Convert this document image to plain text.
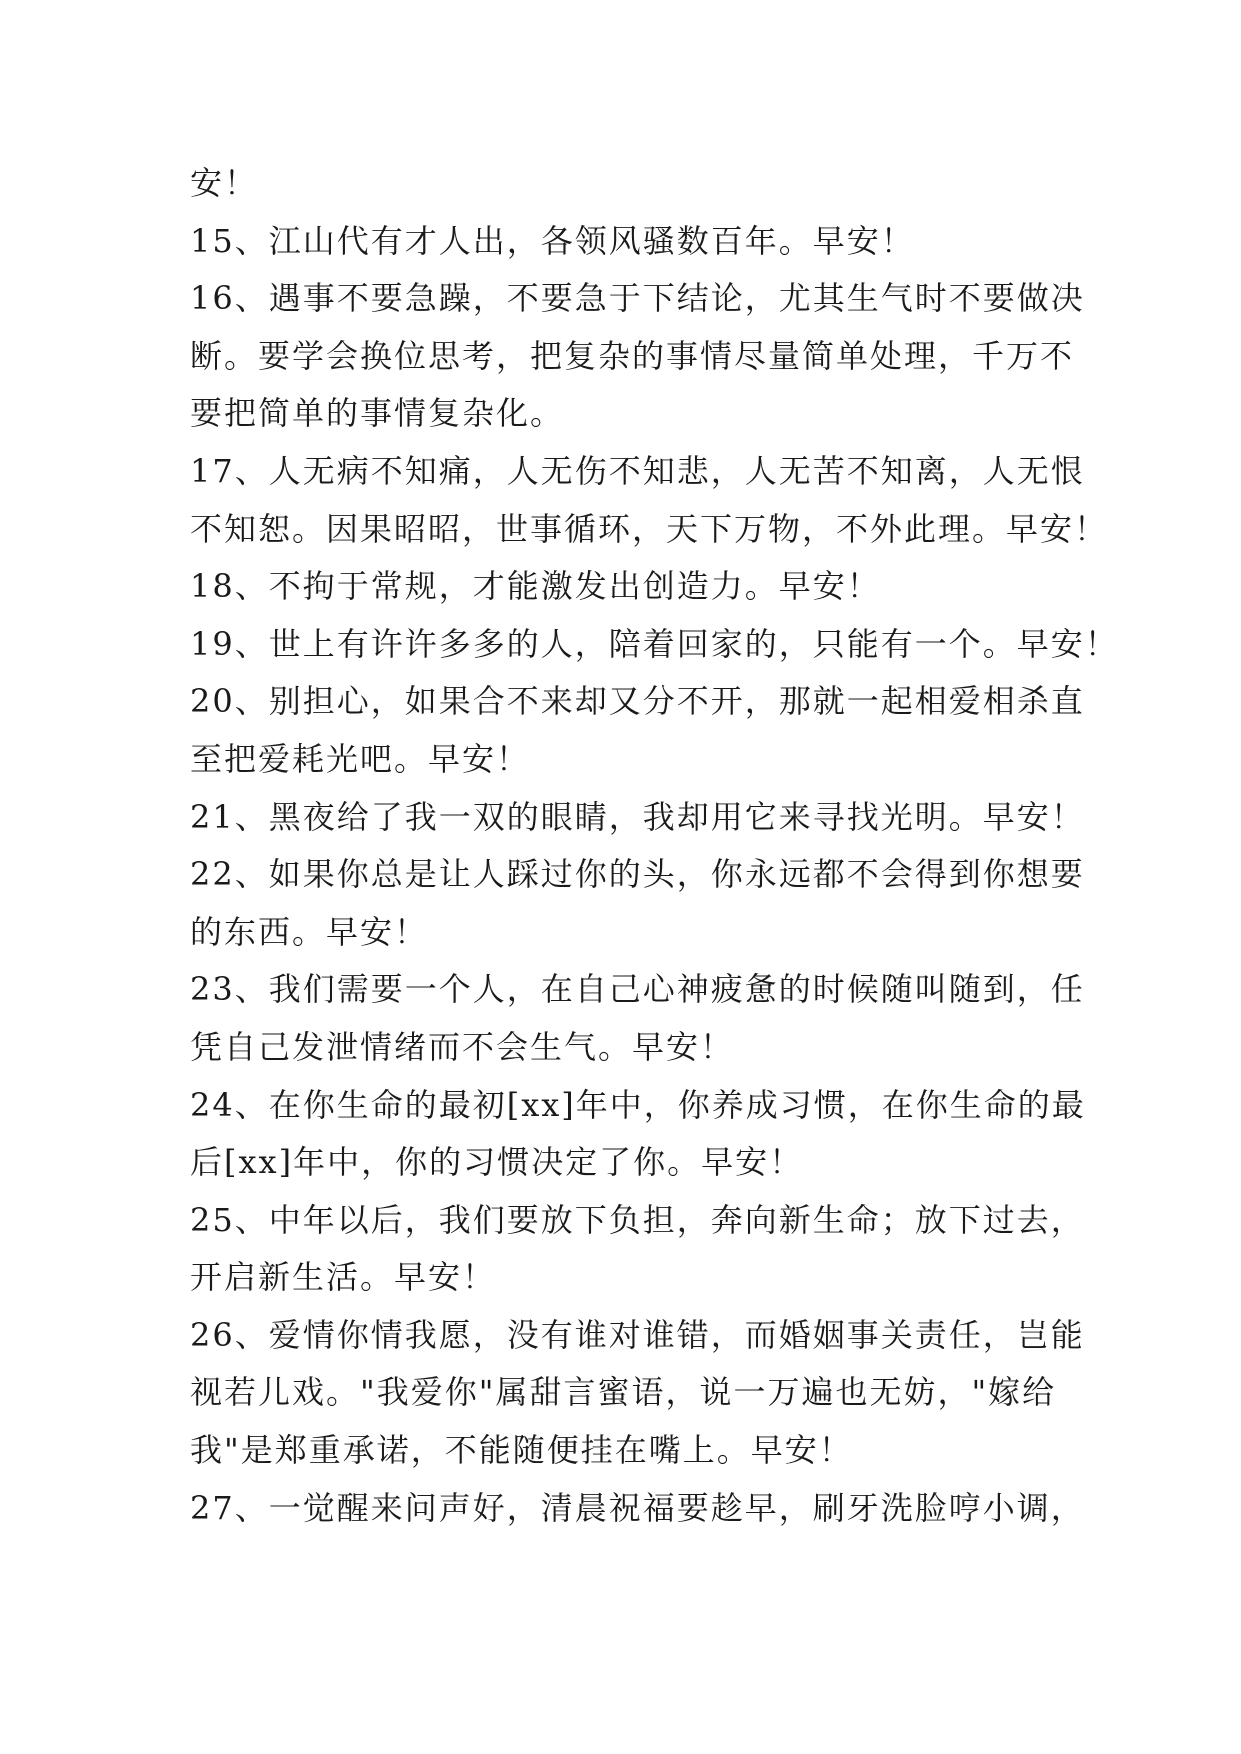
安！
15、江山代有才人出，各领风骚数百年。早安！
16、遇事不要急躁，不要急于下结论，尤其生气时不要做决
断。要学会换位思考，把复杂的事情尽量简单处理，千万不
要把简单的事情复杂化。
17、人无病不知痛，人无伤不知悲，人无苦不知离，人无恨
不知恕。因果昭昭，世事循环，天下万物，不外此理。早安！
18、不拘于常规，才能激发出创造力。早安！
19、世上有许许多多的人，陪着回家的，只能有一个。早安！
20、别担心，如果合不来却又分不开，那就一起相爱相杀直
至把爱耗光吧。早安！
21、黑夜给了我一双的眼睛，我却用它来寻找光明。早安！
22、如果你总是让人踩过你的头，你永远都不会得到你想要
的东西。早安！
23、我们需要一个人，在自己心神疲惫的时候随叫随到，任
凭自己发泄情绪而不会生气。早安！
24、在你生命的最初[xx]年中，你养成习惯，在你生命的最
后[xx]年中，你的习惯决定了你。早安！
25、中年以后，我们要放下负担，奔向新生命；放下过去，
开启新生活。早安！
26、爱情你情我愿，没有谁对谁错，而婚姻事关责任，岂能
视若儿戏。"我爱你"属甜言蜜语，说一万遍也无妨，"嫁给
我"是郑重承诺，不能随便挂在嘴上。早安！
27、一觉醒来问声好，清晨祝福要趁早，刷牙洗脸哼小调，
